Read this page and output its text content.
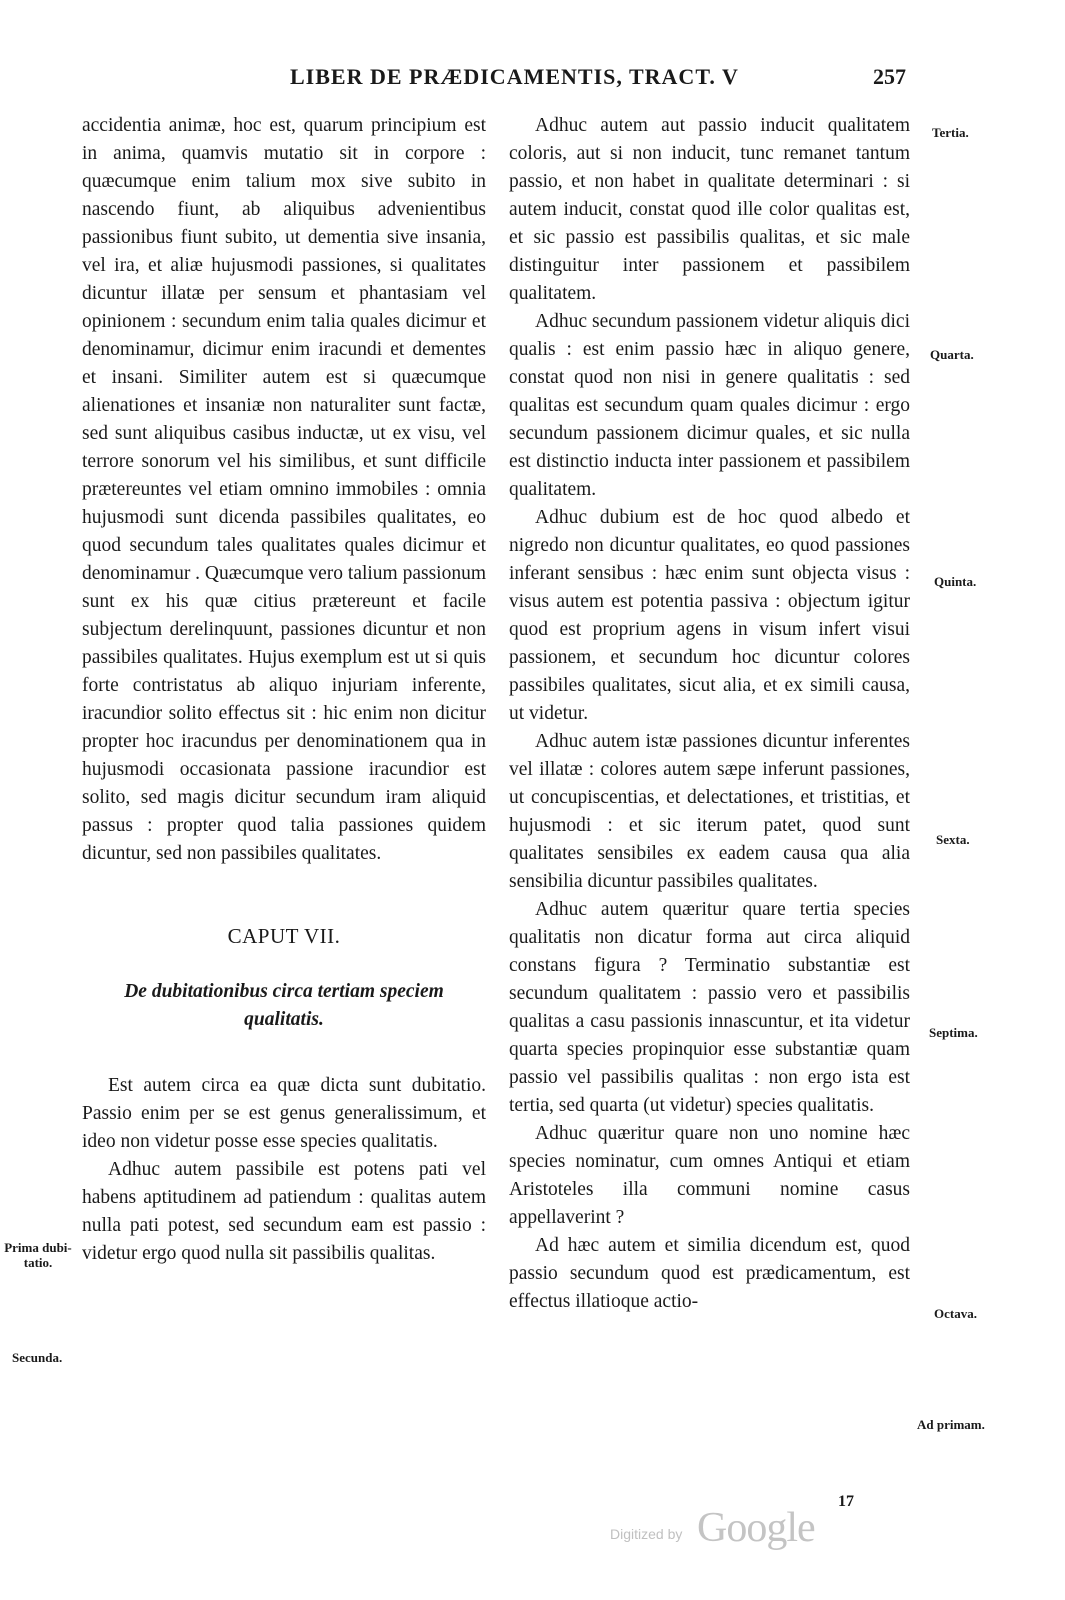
LIBER DE PRÆDICAMENTIS, TRACT. V	257

accidentia animæ, hoc est, quarum principium est in anima, quamvis mutatio sit in corpore : quæcumque enim talium mox sive subito in nascendo fiunt, ab aliquibus advenientibus passionibus fiunt subito, ut dementia sive insania, vel ira, et aliæ hujusmodi passiones, si qualitates dicuntur illatæ per sensum et phantasiam vel opinionem : secundum enim talia quales dicimur et denominamur, dicimur enim iracundi et dementes et insani. Similiter autem est si quæcumque alienationes et insaniæ non naturaliter sunt factæ, sed sunt aliquibus casibus inductæ, ut ex visu, vel terrore sonorum vel his similibus, et sunt difficile prætereuntes vel etiam omnino immobiles : omnia hujusmodi sunt dicenda passibiles qualitates, eo quod secundum tales qualitates quales dicimur et denominamur . Quæcumque vero talium passionum sunt ex his quæ citius prætereunt et facile subjectum derelinquunt, passiones dicuntur et non passibiles qualitates. Hujus exemplum est ut si quis forte contristatus ab aliquo injuriam inferente, iracundior solito effectus sit : hic enim non dicitur propter hoc iracundus per denominationem qua in hujusmodi occasionata passione iracundior est solito, sed magis dicitur secundum iram aliquid passus : propter quod talia passiones quidem dicuntur, sed non passibiles qualitates.

CAPUT VII.
De dubitationibus circa tertiam speciem qualitatis.

Est autem circa ea quæ dicta sunt dubitatio. Passio enim per se est genus generalissimum, et ideo non videtur posse esse species qualitatis.

Adhuc autem passibile est potens pati vel habens aptitudinem ad patiendum : qualitas autem nulla pati potest, sed secundum eam est passio : videtur ergo quod nulla sit passibilis qualitas.

Adhuc autem aut passio inducit qualitatem coloris, aut si non inducit, tunc remanet tantum passio, et non habet in qualitate determinari : si autem inducit, constat quod ille color qualitas est, et sic passio est passibilis qualitas, et sic male distinguitur inter passionem et passibilem qualitatem.

Adhuc secundum passionem videtur aliquis dici qualis : est enim passio hæc in aliquo genere, constat quod non nisi in genere qualitatis : sed qualitas est secundum quam quales dicimur : ergo secundum passionem dicimur quales, et sic nulla est distinctio inducta inter passionem et passibilem qualitatem.

Adhuc dubium est de hoc quod albedo et nigredo non dicuntur qualitates, eo quod passiones inferant sensibus : hæc enim sunt objecta visus : visus autem est potentia passiva : objectum igitur quod est proprium agens in visum infert visui passionem, et secundum hoc dicuntur colores passibiles qualitates, sicut alia, et ex simili causa, ut videtur.

Adhuc autem istæ passiones dicuntur inferentes vel illatæ : colores autem sæpe inferunt passiones, ut concupiscentias, et delectationes, et tristitias, et hujusmodi : et sic iterum patet, quod sunt qualitates sensibiles ex eadem causa qua alia sensibilia dicuntur passibiles qualitates.

Adhuc autem quæritur quare tertia species qualitatis non dicatur forma aut circa aliquid constans figura ? Terminatio substantiæ est secundum qualitatem : passio vero et passibilis qualitas a casu passionis innascuntur, et ita videtur quarta species propinquior esse substantiæ quam passio vel passibilis qualitas : non ergo ista est tertia, sed quarta (ut videtur) species qualitatis.

Adhuc quæritur quare non uno nomine hæc species nominatur, cum omnes Antiqui et etiam Aristoteles illa communi nomine casus appellaverint ?

Ad hæc autem et similia dicendum est, quod passio secundum quod est prædicamentum, est effectus illatioque actio-

Tertia.
Quarta.
Quinta.
Sexta.
Septima.
Octava.
Ad primam.
Prima dubi-
tatio.
Secunda.
17
Digitized by Google
